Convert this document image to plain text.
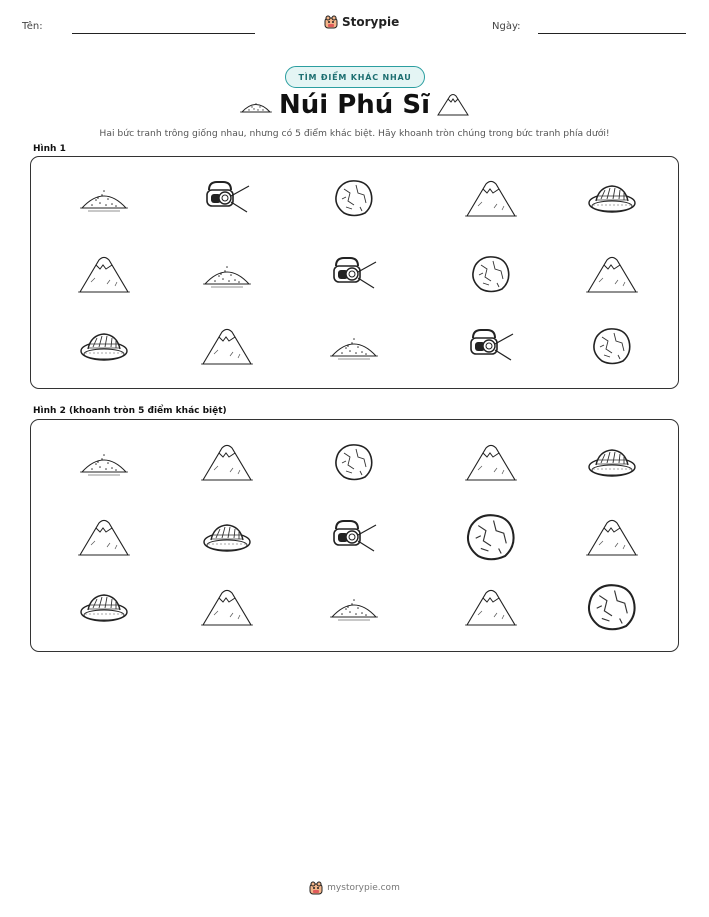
Tên:	Storypie	Ngày:
TÌM ĐIỂM KHÁC NHAU
Núi Phú Sĩ
Hai bức tranh trông giống nhau, nhưng có 5 điểm khác biệt. Hãy khoanh tròn chúng trong bức tranh phía dưới!
Hình 1
Hình 2 (khoanh tròn 5 điểm khác biệt)
mystorypie.com
